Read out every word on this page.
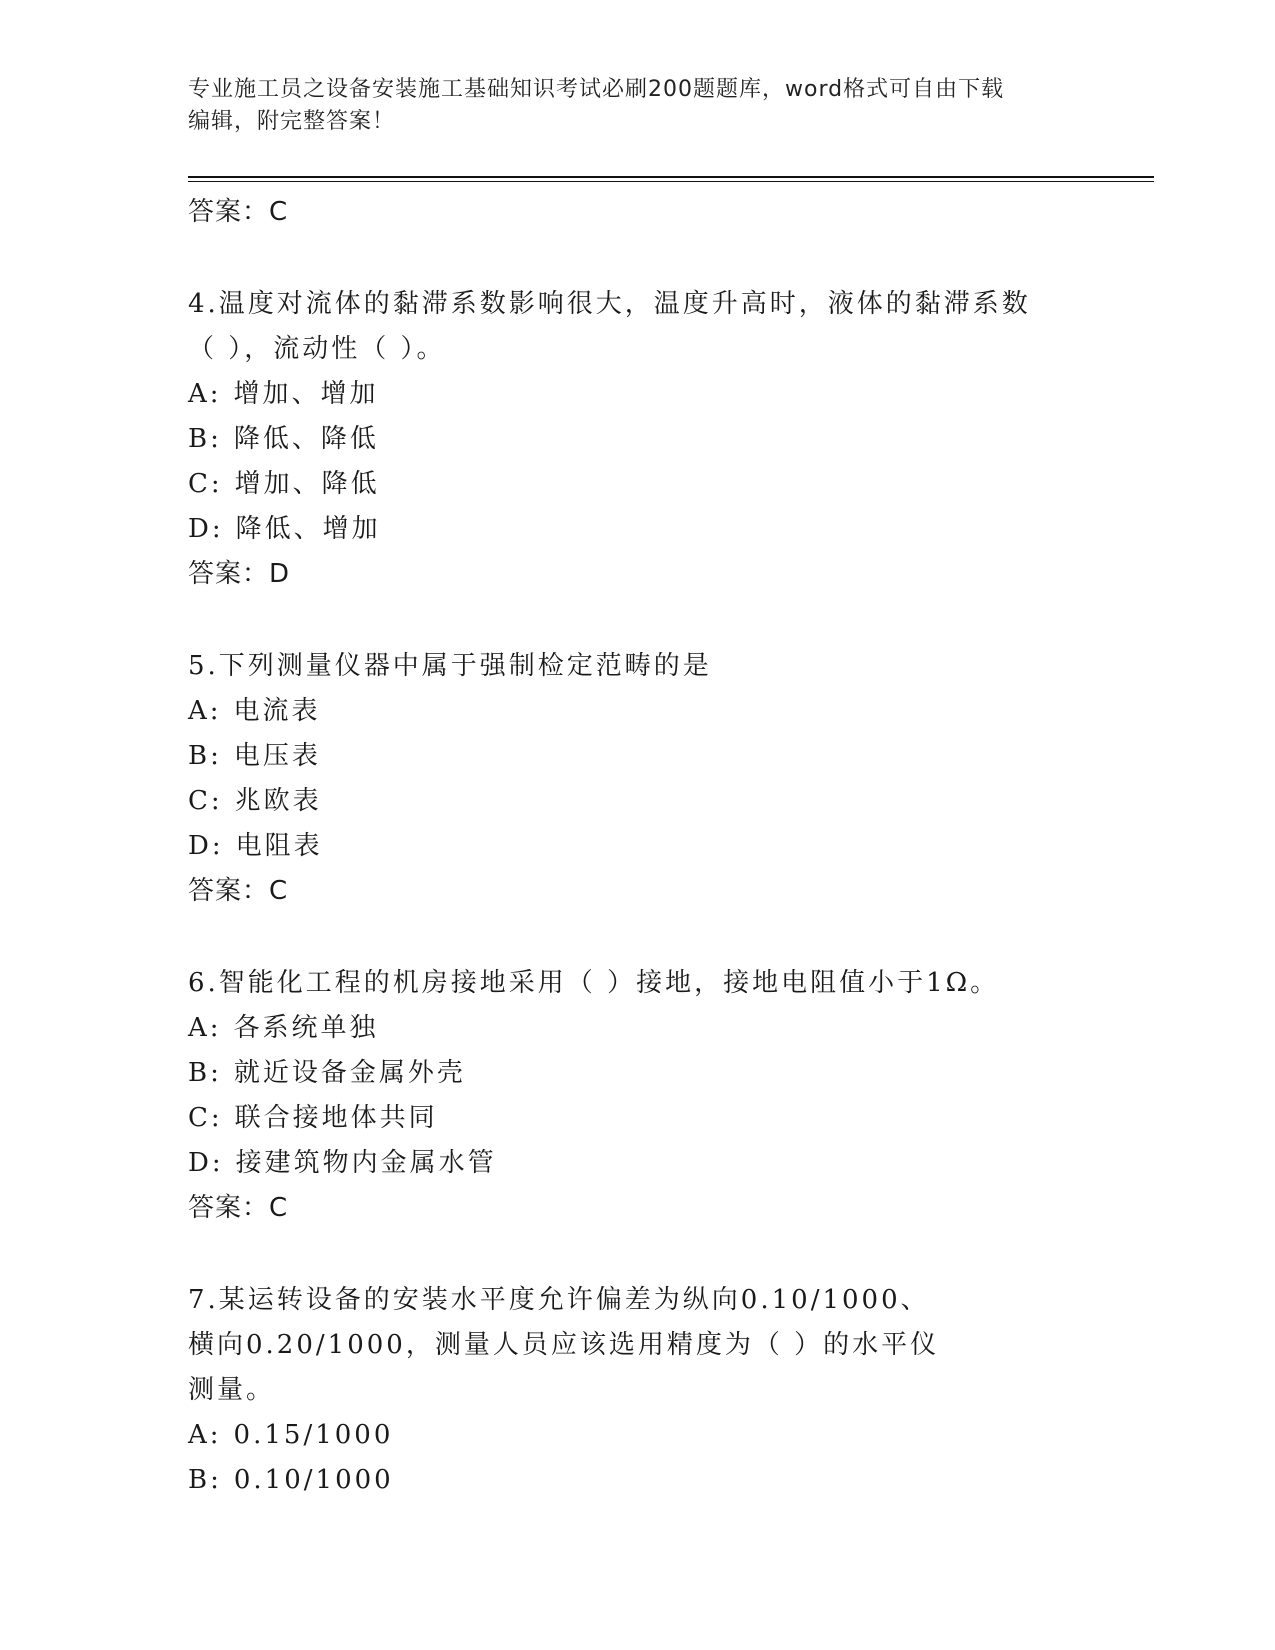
专业施工员之设备安装施工基础知识考试必刷200题题库，word格式可自由下载
编辑，附完整答案！
答案：C
4.温度对流体的黏滞系数影响很大，温度升高时，液体的黏滞系数（ ），流动性（ ）。
A: 增加、增加
B: 降低、降低
C: 增加、降低
D: 降低、增加
答案：D
5.下列测量仪器中属于强制检定范畴的是
A: 电流表
B: 电压表
C: 兆欧表
D: 电阻表
答案：C
6.智能化工程的机房接地采用（ ）接地，接地电阻值小于1Ω。
A: 各系统单独
B: 就近设备金属外壳
C: 联合接地体共同
D: 接建筑物内金属水管
答案：C
7.某运转设备的安装水平度允许偏差为纵向0.10/1000、横向0.20/1000，测量人员应该选用精度为（ ）的水平仪测量。
A: 0.15/1000
B: 0.10/1000
